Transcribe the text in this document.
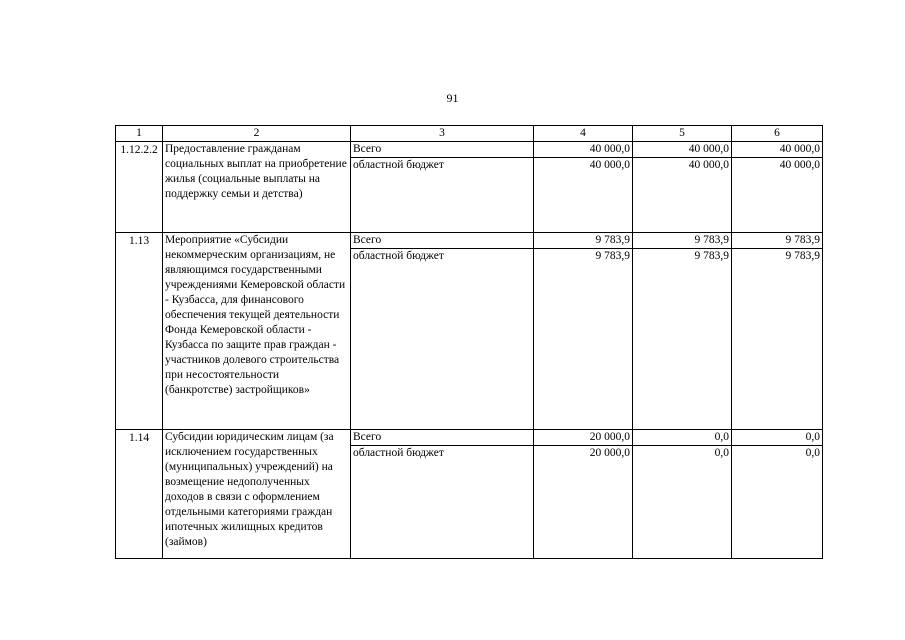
91
1	2	3	4	5	6
1.12.2.2	Предоставление гражданам социальных выплат на приобретение жилья (социальные выплаты на поддержку семьи и детства)	Всего	40 000,0	40 000,0	40 000,0
		областной бюджет	40 000,0	40 000,0	40 000,0
1.13	Мероприятие «Субсидии некоммерческим организациям, не являющимся государственными учреждениями Кемеровской области - Кузбасса, для финансового обеспечения текущей деятельности Фонда Кемеровской области - Кузбасса по защите прав граждан - участников долевого строительства при несостоятельности (банкротстве) застройщиков»	Всего	9 783,9	9 783,9	9 783,9
		областной бюджет	9 783,9	9 783,9	9 783,9
1.14	Субсидии юридическим лицам (за исключением государственных (муниципальных) учреждений) на возмещение недополученных доходов в связи с оформлением отдельными категориями граждан ипотечных жилищных кредитов (займов)	Всего	20 000,0	0,0	0,0
		областной бюджет	20 000,0	0,0	0,0
